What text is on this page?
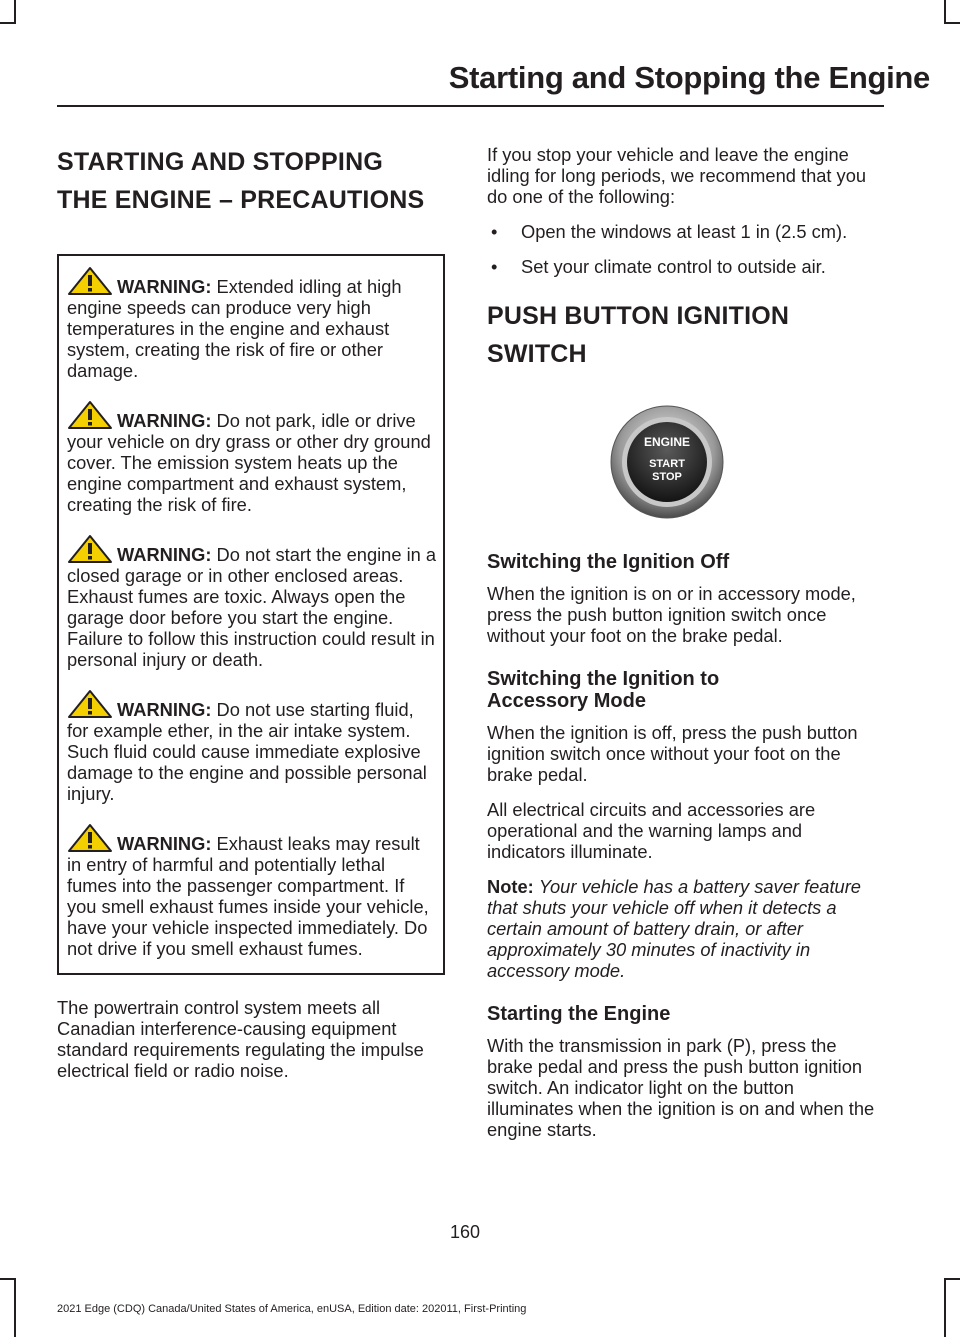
Starting and Stopping the Engine
STARTING AND STOPPING
THE ENGINE – PRECAUTIONS

WARNING: Extended idling at high engine speeds can produce very high temperatures in the engine and exhaust system, creating the risk of fire or other damage.

WARNING: Do not park, idle or drive your vehicle on dry grass or other dry ground cover. The emission system heats up the engine compartment and exhaust system, creating the risk of fire.

WARNING: Do not start the engine in a closed garage or in other enclosed areas. Exhaust fumes are toxic. Always open the garage door before you start the engine. Failure to follow this instruction could result in personal injury or death.

WARNING: Do not use starting fluid, for example ether, in the air intake system. Such fluid could cause immediate explosive damage to the engine and possible personal injury.

WARNING: Exhaust leaks may result in entry of harmful and potentially lethal fumes into the passenger compartment. If you smell exhaust fumes inside your vehicle, have your vehicle inspected immediately. Do not drive if you smell exhaust fumes.

The powertrain control system meets all Canadian interference-causing equipment standard requirements regulating the impulse electrical field or radio noise.

If you stop your vehicle and leave the engine idling for long periods, we recommend that you do one of the following:

• Open the windows at least 1 in (2.5 cm).
• Set your climate control to outside air.
PUSH BUTTON IGNITION
SWITCH
ENGINE
START
STOP
Switching the Ignition Off

When the ignition is on or in accessory mode, press the push button ignition switch once without your foot on the brake pedal.

Switching the Ignition to
Accessory Mode

When the ignition is off, press the push button ignition switch once without your foot on the brake pedal.

All electrical circuits and accessories are operational and the warning lamps and indicators illuminate.

Note: Your vehicle has a battery saver feature that shuts your vehicle off when it detects a certain amount of battery drain, or after approximately 30 minutes of inactivity in accessory mode.

Starting the Engine

With the transmission in park (P), press the brake pedal and press the push button ignition switch. An indicator light on the button illuminates when the ignition is on and when the engine starts.

160
2021 Edge (CDQ) Canada/United States of America, enUSA, Edition date: 202011, First-Printing
